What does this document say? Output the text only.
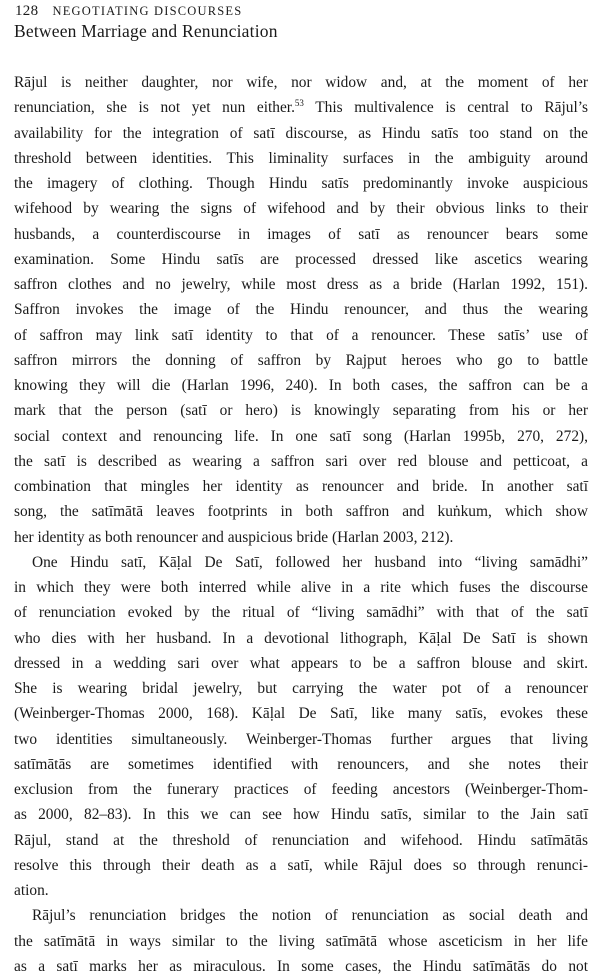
128 NEGOTIATING DISCOURSES
Between Marriage and Renunciation
Rājul is neither daughter, nor wife, nor widow and, at the moment of her
renunciation, she is not yet nun either.$^{53}$ This multivalence is central to Rājul’s
availability for the integration of satī discourse, as Hindu satīs too stand on the
threshold between identities. This liminality surfaces in the ambiguity around
the imagery of clothing. Though Hindu satīs predominantly invoke auspicious
wifehood by wearing the signs of wifehood and by their obvious links to their
husbands, a counterdiscourse in images of satī as renouncer bears some
examination. Some Hindu satīs are processed dressed like ascetics wearing
saffron clothes and no jewelry, while most dress as a bride (Harlan 1992, 151).
Saffron invokes the image of the Hindu renouncer, and thus the wearing
of saffron may link satī identity to that of a renouncer. These satīs’ use of
saffron mirrors the donning of saffron by Rajput heroes who go to battle
knowing they will die (Harlan 1996, 240). In both cases, the saffron can be a
mark that the person (satī or hero) is knowingly separating from his or her
social context and renouncing life. In one satī song (Harlan 1995b, 270, 272),
the satī is described as wearing a saffron sari over red blouse and petticoat, a
combination that mingles her identity as renouncer and bride. In another satī
song, the satīmātā leaves footprints in both saffron and kuṅkum, which show
her identity as both renouncer and auspicious bride (Harlan 2003, 212).
One Hindu satī, Kāḷal De Satī, followed her husband into “living samādhi”
in which they were both interred while alive in a rite which fuses the discourse
of renunciation evoked by the ritual of “living samādhi” with that of the satī
who dies with her husband. In a devotional lithograph, Kāḷal De Satī is shown
dressed in a wedding sari over what appears to be a saffron blouse and skirt.
She is wearing bridal jewelry, but carrying the water pot of a renouncer
(Weinberger-Thomas 2000, 168). Kāḷal De Satī, like many satīs, evokes these
two identities simultaneously. Weinberger-Thomas further argues that living
satīmātās are sometimes identified with renouncers, and she notes their
exclusion from the funerary practices of feeding ancestors (Weinberger-Thom-
as 2000, 82–83). In this we can see how Hindu satīs, similar to the Jain satī
Rājul, stand at the threshold of renunciation and wifehood. Hindu satīmātās
resolve this through their death as a satī, while Rājul does so through renunci-
ation.
Rājul’s renunciation bridges the notion of renunciation as social death and
the satīmātā in ways similar to the living satīmātā whose asceticism in her life
as a satī marks her as miraculous. In some cases, the Hindu satīmātās do not
